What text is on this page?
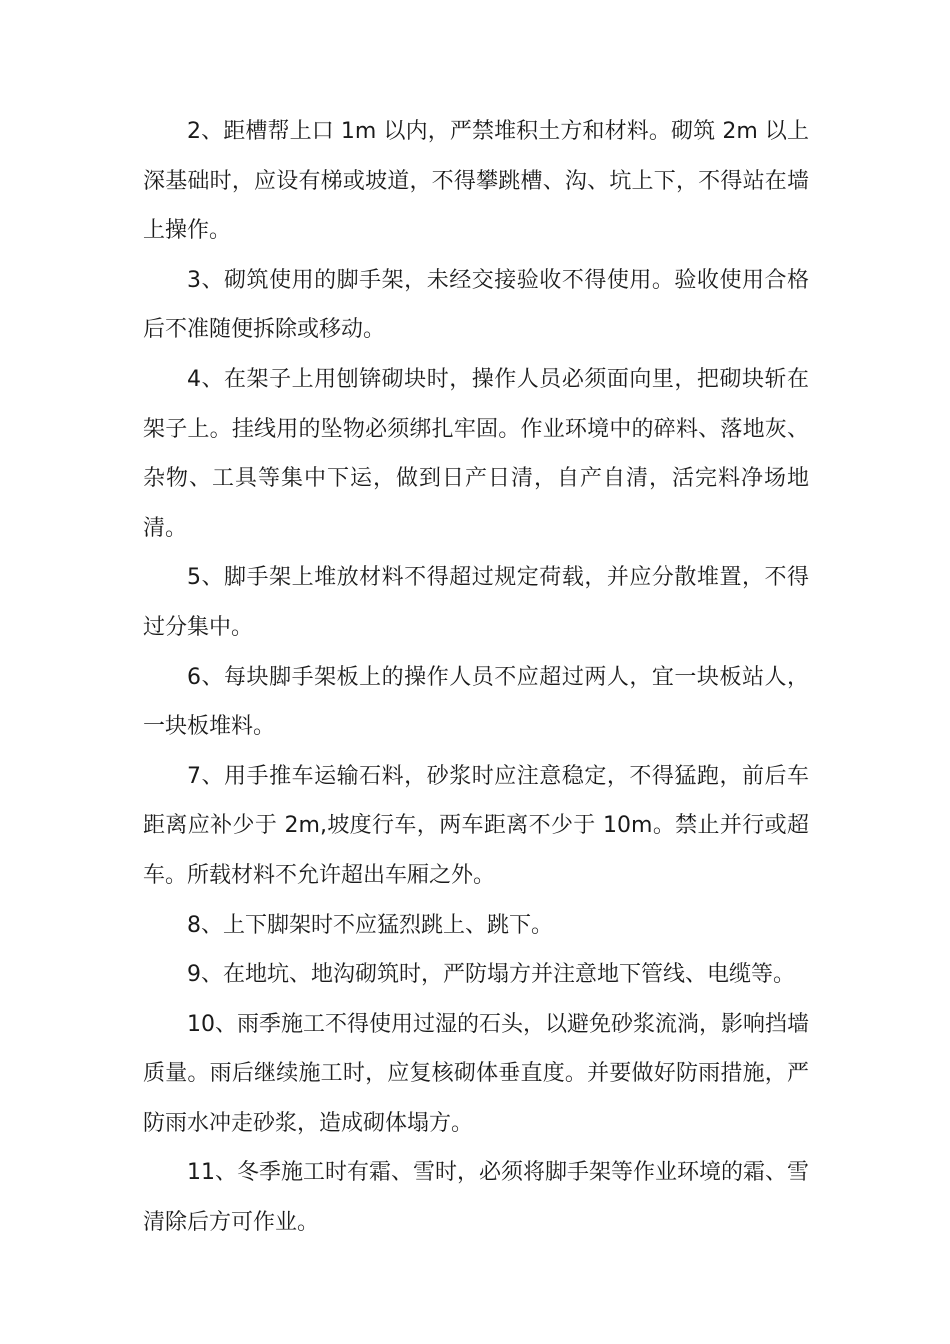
2、距槽帮上口 1m 以内，严禁堆积土方和材料。砌筑 2m 以上深基础时，应设有梯或坡道，不得攀跳槽、沟、坑上下，不得站在墙上操作。

3、砌筑使用的脚手架，未经交接验收不得使用。验收使用合格后不准随便拆除或移动。

4、在架子上用刨锛砌块时，操作人员必须面向里，把砌块斩在架子上。挂线用的坠物必须绑扎牢固。作业环境中的碎料、落地灰、杂物、工具等集中下运，做到日产日清，自产自清，活完料净场地清。

5、脚手架上堆放材料不得超过规定荷载，并应分散堆置，不得过分集中。

6、每块脚手架板上的操作人员不应超过两人，宜一块板站人，一块板堆料。

7、用手推车运输石料，砂浆时应注意稳定，不得猛跑，前后车距离应补少于 2m,坡度行车，两车距离不少于 10m。禁止并行或超车。所载材料不允许超出车厢之外。

8、上下脚架时不应猛烈跳上、跳下。

9、在地坑、地沟砌筑时，严防塌方并注意地下管线、电缆等。

10、雨季施工不得使用过湿的石头，以避免砂浆流淌，影响挡墙质量。雨后继续施工时，应复核砌体垂直度。并要做好防雨措施，严防雨水冲走砂浆，造成砌体塌方。

11、冬季施工时有霜、雪时，必须将脚手架等作业环境的霜、雪清除后方可作业。
